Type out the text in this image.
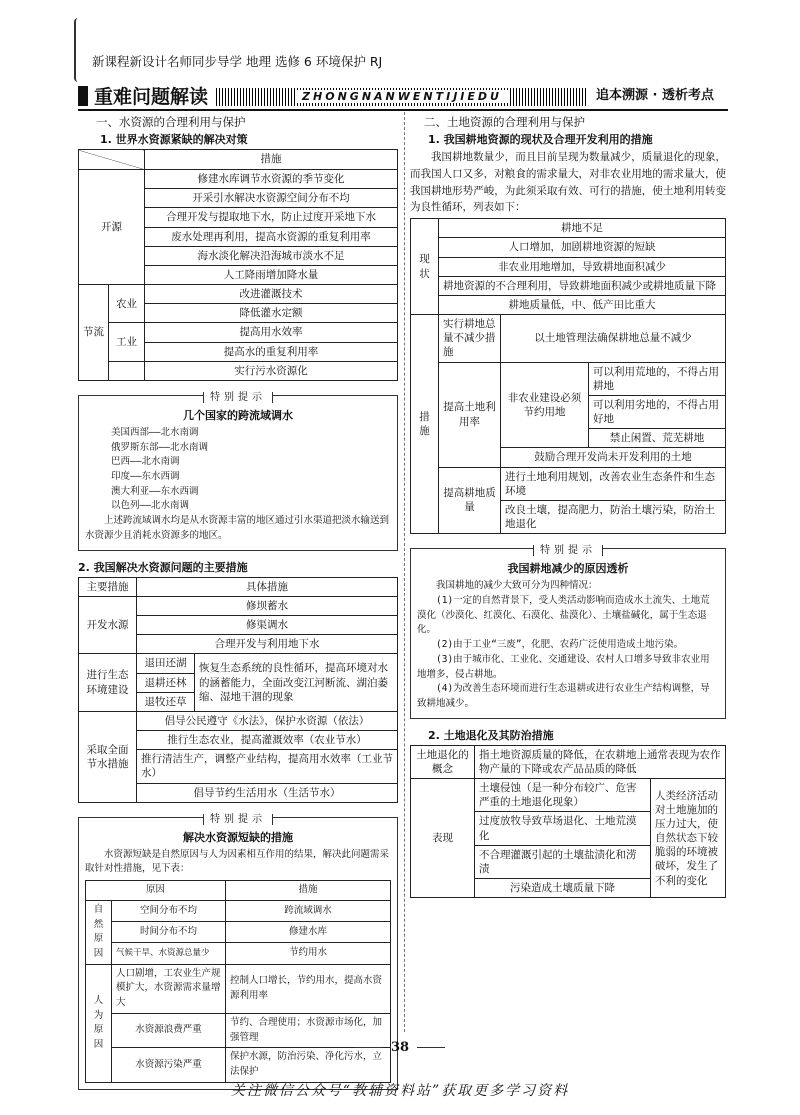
新课程新设计名师同步导学 地理 选修 6 环境保护 RJ
重难问题解读	ZHONGNANWENTIJIEDU	追本溯源 · 透析考点
一、水资源的合理利用与保护
1. 世界水资源紧缺的解决对策
		措施
开源		修建水库调节水资源的季节变化
		开采引水解决水资源空间分布不均
		合理开发与提取地下水，防止过度开采地下水
		废水处理再利用，提高水资源的重复利用率
		海水淡化解决沿海城市淡水不足
		人工降雨增加降水量
节流	农业	改进灌溉技术
		降低灌水定额
	工业	提高用水效率
		提高水的重复利用率
		实行污水资源化
特别提示
几个国家的跨流域调水
美国西部——北水南调
俄罗斯东部——北水南调
巴西——北水南调
印度——东水西调
澳大利亚——东水西调
以色列——北水南调
上述跨流域调水均是从水资源丰富的地区通过引水渠道把淡水输送到水资源少且消耗水资源多的地区。
2. 我国解决水资源问题的主要措施
主要措施	具体措施	
开发水源	修坝蓄水	
	修渠调水	
	合理开发与利用地下水	
进行生态环境建设	退田还湖	恢复生态系统的良性循环，提高环境对水的涵蓄能力，全面改变江河断流、湖泊萎缩、湿地干涸的现象
	退耕还林	
	退牧还草	
采取全面节水措施	倡导公民遵守《水法》，保护水资源（依法）	
	推行生态农业，提高灌溉效率（农业节水）	
	推行清洁生产，调整产业结构，提高用水效率（工业节水）	
	倡导节约生活用水（生活节水）	
特别提示
解决水资源短缺的措施
水资源短缺是自然原因与人为因素相互作用的结果，解决此问题需采取针对性措施，见下表：
原因		措施
自然原因	空间分布不均	跨流域调水
	时间分布不均	修建水库
	气候干旱、水资源总量少	节约用水
人为原因	人口剧增，工农业生产规模扩大，水资源需求量增大	控制人口增长，节约用水，提高水资源利用率
	水资源浪费严重	节约、合理使用；水资源市场化，加强管理
	水资源污染严重	保护水源，防治污染、净化污水，立法保护
二、土地资源的合理利用与保护
1. 我国耕地资源的现状及合理开发利用的措施

我国耕地数量少，而且目前呈现为数量减少，质量退化的现象，而我国人口又多，对粮食的需求量大，对非农业用地的需求量大，使我国耕地形势严峻，为此须采取有效、可行的措施，使土地利用转变为良性循环，列表如下：

现状	耕地不足		
	人口增加，加剧耕地资源的短缺		
	非农业用地增加，导致耕地面积减少		
	耕地资源的不合理利用，导致耕地面积减少或耕地质量下降		
	耕地质量低，中、低产田比重大		
措施	实行耕地总量不减少措施	以土地管理法确保耕地总量不减少	
	提高土地利用率	非农业建设必须节约用地	可以利用荒地的，不得占用耕地
			可以利用劣地的，不得占用好地
			禁止闲置、荒芜耕地
		鼓励合理开发尚未开发利用的土地	
	提高耕地质量	进行土地利用规划，改善农业生态条件和生态环境	
		改良土壤，提高肥力，防治土壤污染，防治土地退化	
特别提示
我国耕地减少的原因透析
我国耕地的减少大致可分为四种情况：
(1)一定的自然背景下，受人类活动影响而造成水土流失、土地荒漠化（沙漠化、红漠化、石漠化、盐漠化）、土壤盐碱化，属于生态退化。
(2)由于工业“三废”，化肥、农药广泛使用造成土地污染。
(3)由于城市化、工业化、交通建设、农村人口增多导致非农业用地增多，侵占耕地。
(4)为改善生态环境而进行生态退耕或进行农业生产结构调整，导致耕地减少。
2. 土地退化及其防治措施
土地退化的概念	指土地资源质量的降低，在农耕地上通常表现为农作物产量的下降或农产品品质的降低	
表现	土壤侵蚀（是一种分布较广、危害严重的土地退化现象）	人类经济活动对土地施加的压力过大，使自然状态下较脆弱的环境被破坏，发生了不利的变化
	过度放牧导致草场退化、土地荒漠化	
	不合理灌溉引起的土壤盐渍化和涝渍	
	污染造成土壤质量下降	
38
关注微信公众号“教辅资料站”获取更多学习资料
